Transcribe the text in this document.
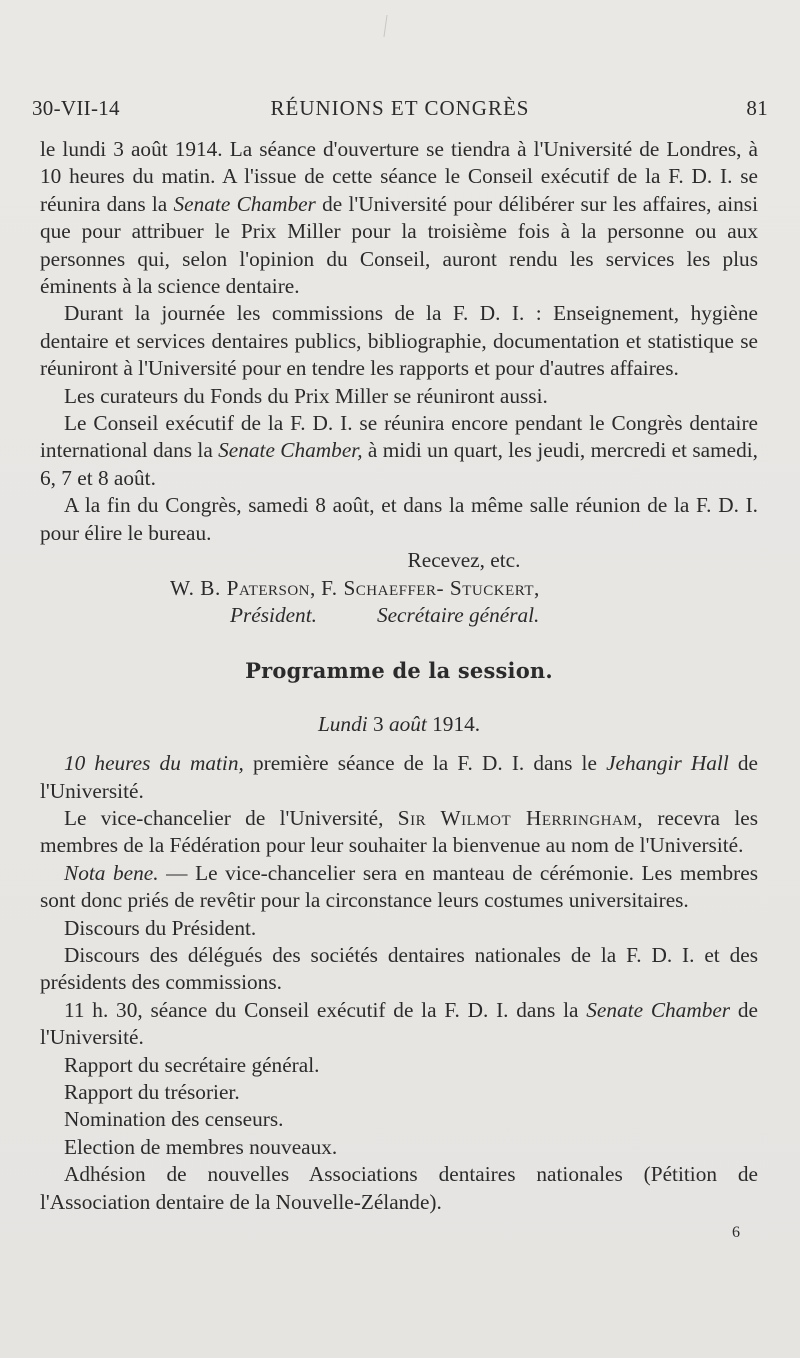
30-VII-14	RÉUNIONS ET CONGRÈS	81

le lundi 3 août 1914. La séance d'ouverture se tiendra à l'Université de Londres, à 10 heures du matin. A l'issue de cette séance le Conseil exécutif de la F. D. I. se réunira dans la Senate Chamber de l'Université pour délibérer sur les affaires, ainsi que pour attribuer le Prix Miller pour la troisième fois à la personne ou aux personnes qui, selon l'opinion du Conseil, auront rendu les services les plus éminents à la science dentaire.

Durant la journée les commissions de la F. D. I. : Enseignement, hygiène dentaire et services dentaires publics, bibliographie, documentation et statistique se réuniront à l'Université pour en tendre les rapports et pour d'autres affaires.

Les curateurs du Fonds du Prix Miller se réuniront aussi.

Le Conseil exécutif de la F. D. I. se réunira encore pendant le Congrès dentaire international dans la Senate Chamber, à midi un quart, les jeudi, mercredi et samedi, 6, 7 et 8 août.

A la fin du Congrès, samedi 8 août, et dans la même salle réunion de la F. D. I. pour élire le bureau.

Recevez, etc.

W. B. Paterson, F. Schaeffer- Stuckert,

Président.	Secrétaire général.

Programme de la session.

Lundi 3 août 1914.

10 heures du matin, première séance de la F. D. I. dans le Jehangir Hall de l'Université.

Le vice-chancelier de l'Université, Sir Wilmot Herringham, recevra les membres de la Fédération pour leur souhaiter la bienvenue au nom de l'Université.

Nota bene. — Le vice-chancelier sera en manteau de cérémonie. Les membres sont donc priés de revêtir pour la circonstance leurs costumes universitaires.

Discours du Président.

Discours des délégués des sociétés dentaires nationales de la F. D. I. et des présidents des commissions.

11 h. 30, séance du Conseil exécutif de la F. D. I. dans la Senate Chamber de l'Université.

Rapport du secrétaire général.

Rapport du trésorier.

Nomination des censeurs.

Election de membres nouveaux.

Adhésion de nouvelles Associations dentaires nationales (Pétition de l'Association dentaire de la Nouvelle-Zélande).

6
